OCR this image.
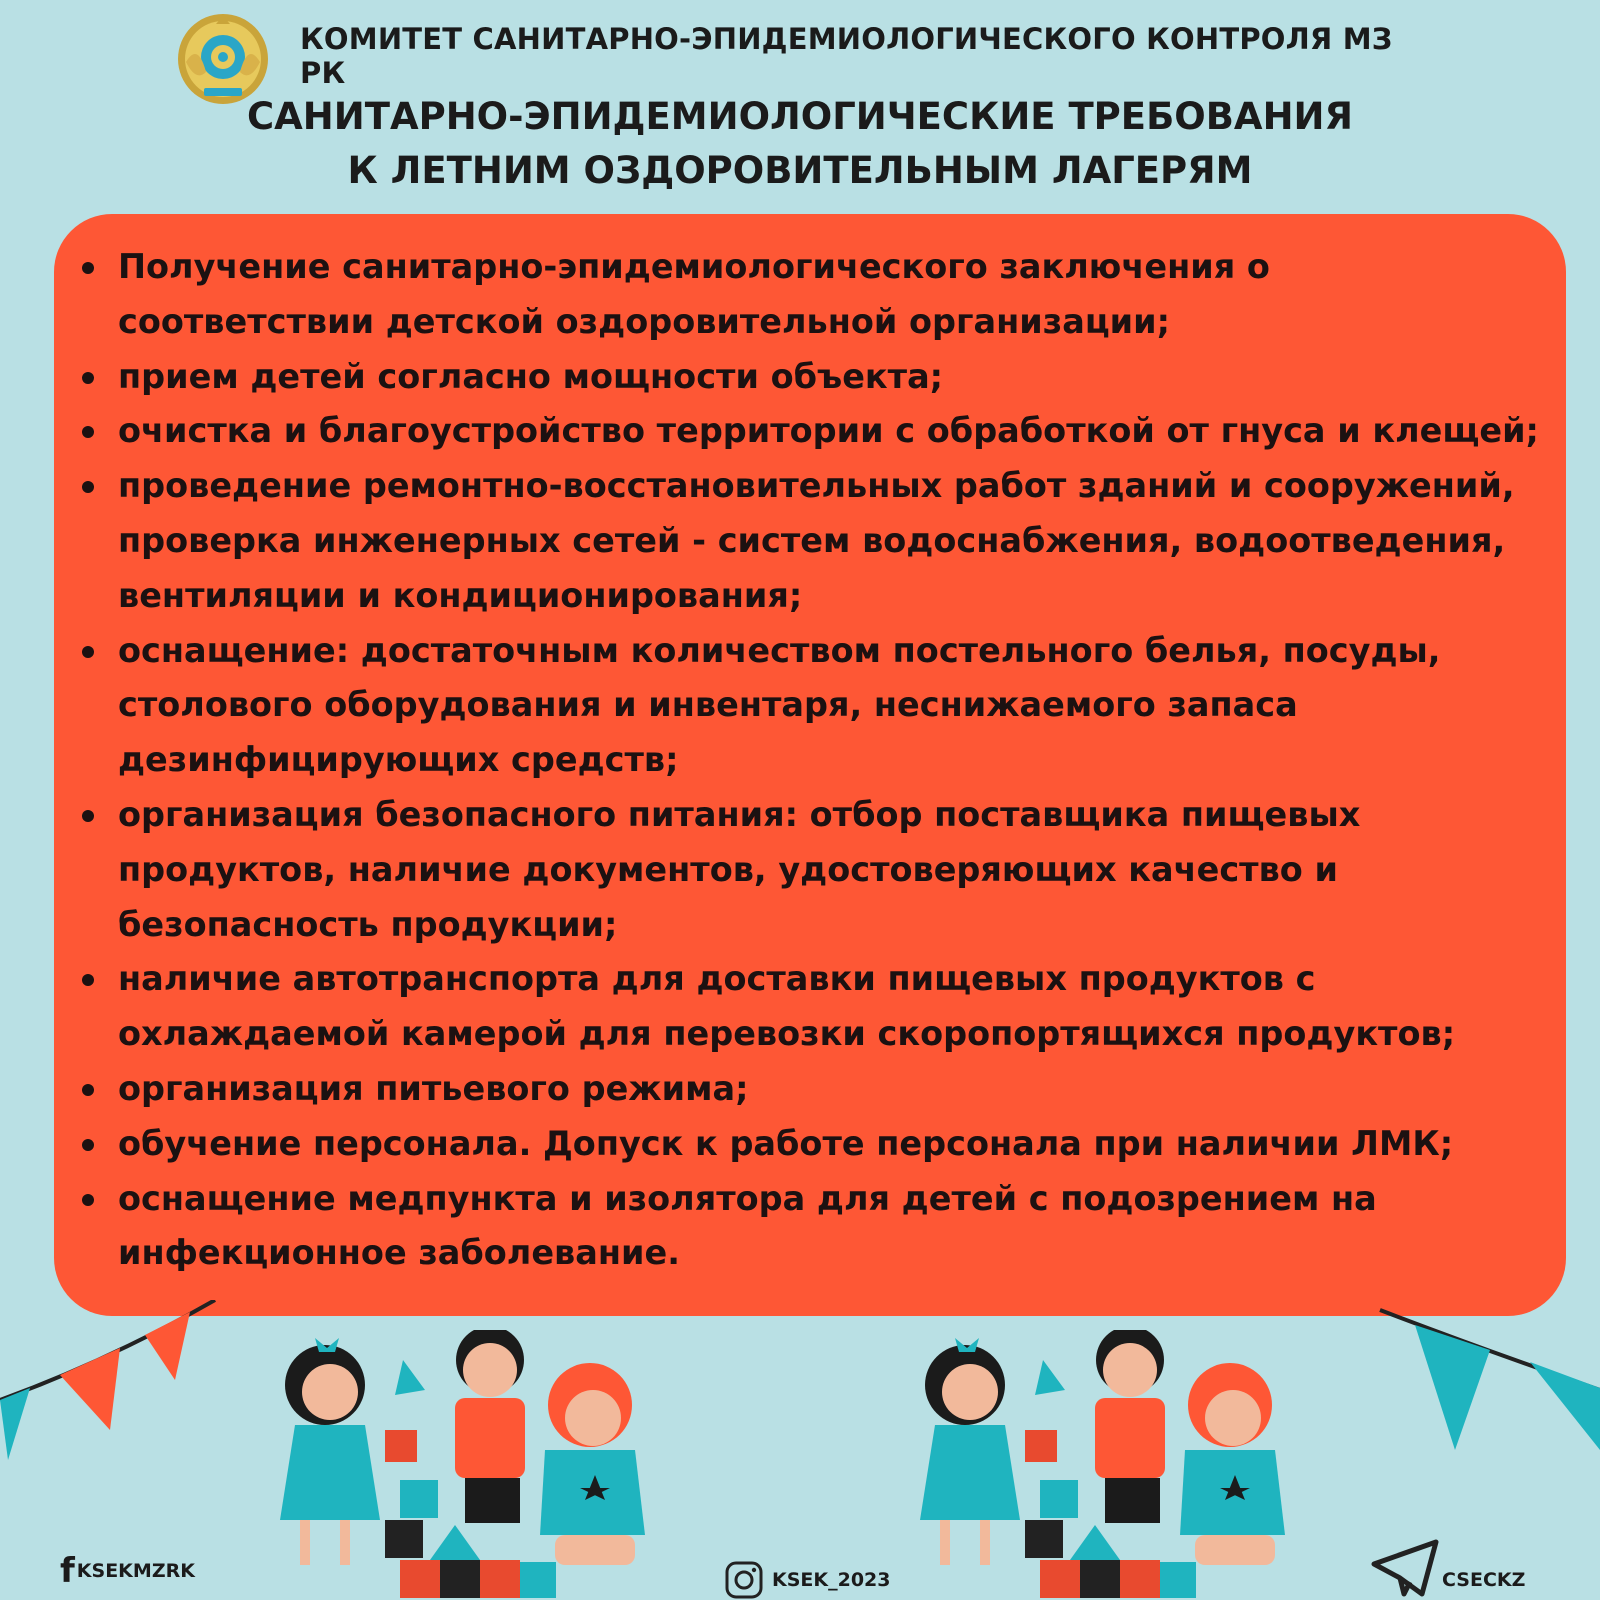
КОМИТЕТ САНИТАРНО-ЭПИДЕМИОЛОГИЧЕСКОГО КОНТРОЛЯ МЗ РК
САНИТАРНО-ЭПИДЕМИОЛОГИЧЕСКИЕ ТРЕБОВАНИЯ
К ЛЕТНИМ ОЗДОРОВИТЕЛЬНЫМ ЛАГЕРЯМ
Получение санитарно-эпидемиологического заключения о
соответствии детской оздоровительной организации;
прием детей согласно мощности объекта;
очистка и благоустройство территории с обработкой от гнуса и клещей;
проведение ремонтно-восстановительных работ зданий и сооружений,
проверка инженерных сетей - систем водоснабжения, водоотведения,
вентиляции и кондиционирования;
оснащение: достаточным количеством постельного белья, посуды,
столового оборудования и инвентаря, неснижаемого запаса
дезинфицирующих средств;
организация безопасного питания: отбор поставщика пищевых
продуктов, наличие документов, удостоверяющих качество и
безопасность продукции;
наличие автотранспорта для доставки пищевых продуктов с
охлаждаемой камерой для перевозки скоропортящихся продуктов;
организация питьевого режима;
обучение персонала. Допуск к работе персонала при наличии ЛМК;
оснащение медпункта и изолятора для детей с подозрением на
инфекционное заболевание.
f KSEKMZRK	KSEK_2023	CSECKZ
